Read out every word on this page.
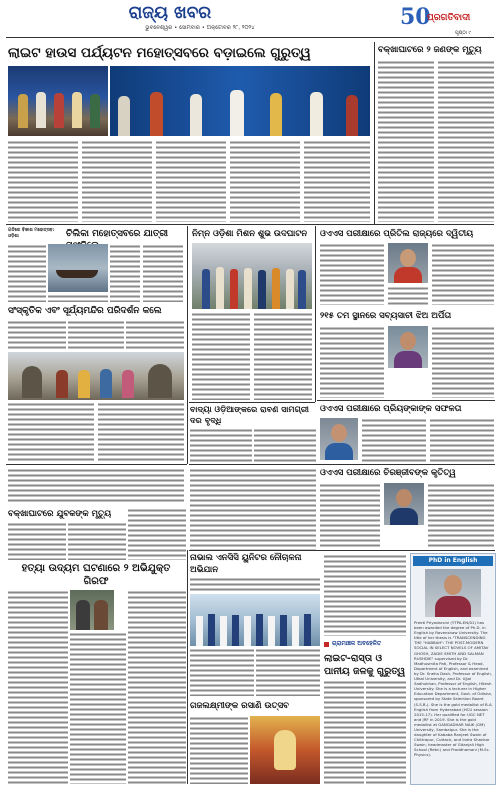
ରାଜ୍ୟ ଖବର
ଭୁବନେଶ୍ୱର • ସୋମବାର • ଅକ୍ଟୋବର ୨୮, ୨୦୨୪	50
ପ୍ରଗତିବାଦୀ
ପୃଷ୍ଠା ୯
ଲାଇଟ ହାଉସ ପର୍ଯ୍ୟଟନ ମହୋତ୍ସବରେ ବଡ଼ାଇଲେ ଗୁରୁତ୍ୱ	ବକ୍ଖାଘାଟରେ ୨ ଜଣଙ୍କ ମୃତ୍ୟୁ
ଗତିରେ ବିକାଶ ମହୋତ୍ସବ: ଓଡ଼ିଶା	ଚିଲିକା ମହୋତ୍ସବରେ ଯାତ୍ରୀ
ସଂସ୍କୃତିକ ଏବଂ ସୂର୍ଯ୍ୟମନ୍ଦିର ପରିଦର୍ଶନ କଲେ
ନିମ୍ନ ଓଡ଼ିଶା ମିଶନ ଶୁଭ ଉଦଘାଟନ	ଓଏଏସ ପରୀକ୍ଷାରେ ପ୍ରିତିଲ ରାଜ୍ୟରେ ଦ୍ୱିତୀୟ
୨୧୫ ତମ ସ୍ଥାନରେ ସବ୍ୟସାଚୀ ଝିଅ ଅର୍ପିତା
ବାଦ୍ୟା ଓଡ଼ିଆଙ୍କରେ ରାବଣ ସାମଗ୍ରୀ ଦର ବୃଦ୍ଧି
ଓଏଏସ ପରୀକ୍ଷାରେ ପ୍ରିୟଙ୍କାଙ୍କ ସଫଳତା
ଓଏଏସ ପରୀକ୍ଷାରେ ଚିରଞ୍ଜୀବଙ୍କ କୃତିତ୍ୱ
ବକ୍ଖାଘାଟରେ ଯୁବକଙ୍କ ମୃତ୍ୟୁ
ହତ୍ୟା ଉଦ୍ୟମ ଘଟଣାରେ ୨ ଅଭିଯୁକ୍ତ ଗିରଫ
ନାଭାଲ ଏନସିସି ୟୁନିଟର ନୌଚାଳନା ଅଭିଯାନ
ଗଜଲକ୍ଷ୍ମୀଙ୍କ ରସାଣି ଉତ୍ସବ
ଗ୍ରାମାଞ୍ଚଳ ଅବହେଳିତ
ଲାଇଟ-ରାସ୍ତା ଓ ପାନୀୟ ଜଳକୁ ଗୁରୁତ୍ୱ
PhD in English
Preeti Priyadarsini (YTPA-EN/01) has been awarded the degree of Ph.D. in English by Ravenshaw University. The title of her thesis is "TRANSCENDING THE "HABBAH": THE POST-MODERN SOCIAL IN SELECT NOVELS OF AMITAV GHOSH, ZADIE SMITH AND SALMAN RUSHDIE" supervised by Dr. Madhusmita Pati, Professor & Head, Department of English, and examined by Dr. Sneha Dash, Professor of English, Utkal University, and Dr. Ujjal Sadhukhan, Professor of English, Hitesh University. She is a lecturer in Higher Education Department, Govt. of Odisha, sponsored by State Selection Board (S.S.B.). She is the gold medallist of B.A. English from Hyderabad (HCU session 2015-17). Her qualified for UGC NET and JRF in 2019. She is the gold medallist at GANGADHAR NAIK (GM) University, Sambalpur. She is the daughter of Kababa Ranjeet Swain of Chittrapur, Cuttack, and Indra Shankar Swain, headmaster of Gitanjali High School (Retd.) and Proddhamani (M.Sc. Physics).
